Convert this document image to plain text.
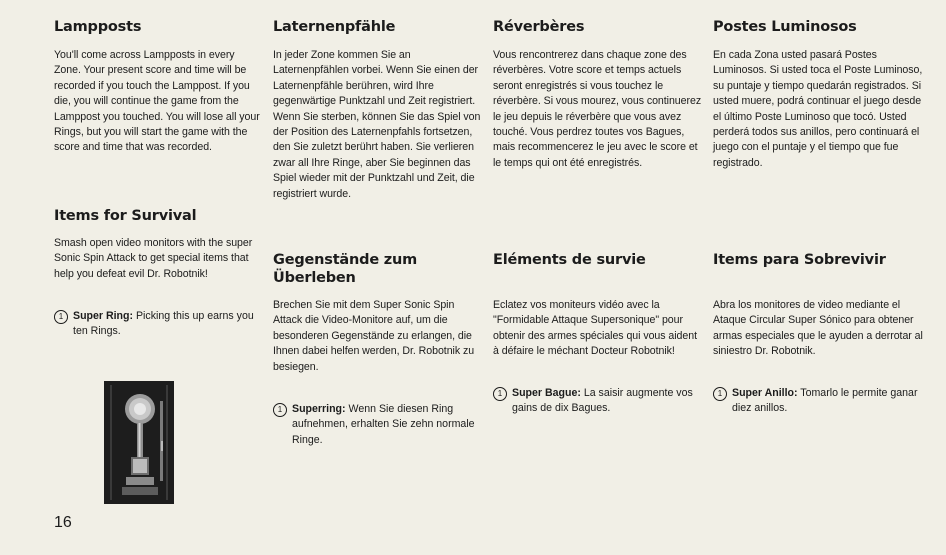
Lampposts

You'll come across Lampposts in every Zone. Your present score and time will be recorded if you touch the Lamppost. If you die, you will continue the game from the Lamppost you touched. You will lose all your Rings, but you will start the game with the score and time that was recorded.

Items for Survival

Smash open video monitors with the super Sonic Spin Attack to get special items that help you defeat evil Dr. Robotnik!

1 Super Ring: Picking this up earns you ten Rings.
Laternenpfähle

In jeder Zone kommen Sie an Laternenpfählen vorbei. Wenn Sie einen der Laternenpfähle berühren, wird Ihre gegenwärtige Punktzahl und Zeit registriert. Wenn Sie sterben, können Sie das Spiel von der Position des Laternenpfahls fortsetzen, den Sie zuletzt berührt haben. Sie verlieren zwar all Ihre Ringe, aber Sie beginnen das Spiel wieder mit der Punktzahl und Zeit, die registriert wurde.

Gegenstände zum Überleben

Brechen Sie mit dem Super Sonic Spin Attack die Video-Monitore auf, um die besonderen Gegenstände zu erlangen, die Ihnen dabei helfen werden, Dr. Robotnik zu besiegen.

1 Superring: Wenn Sie diesen Ring aufnehmen, erhalten Sie zehn normale Ringe.
Réverbères

Vous rencontrerez dans chaque zone des réverbères. Votre score et temps actuels seront enregistrés si vous touchez le réverbère. Si vous mourez, vous continuerez le jeu depuis le réverbère que vous avez touché. Vous perdrez toutes vos Bagues, mais recommencerez le jeu avec le score et le temps qui ont été enregistrés.

Eléments de survie

Eclatez vos moniteurs vidéo avec la "Formidable Attaque Supersonique" pour obtenir des armes spéciales qui vous aident à défaire le méchant Docteur Robotnik!

1 Super Bague: La saisir augmente vos gains de dix Bagues.
Postes Luminosos

En cada Zona usted pasará Postes Luminosos. Si usted toca el Poste Luminoso, su puntaje y tiempo quedarán registrados. Si usted muere, podrá continuar el juego desde el último Poste Luminoso que tocó. Usted perderá todos sus anillos, pero continuará el juego con el puntaje y el tiempo que fue registrado.

Items para Sobrevivir

Abra los monitores de video mediante el Ataque Circular Super Sónico para obtener armas especiales que le ayuden a derrotar al siniestro Dr. Robotnik.

1 Super Anillo: Tomarlo le permite ganar diez anillos.
16
